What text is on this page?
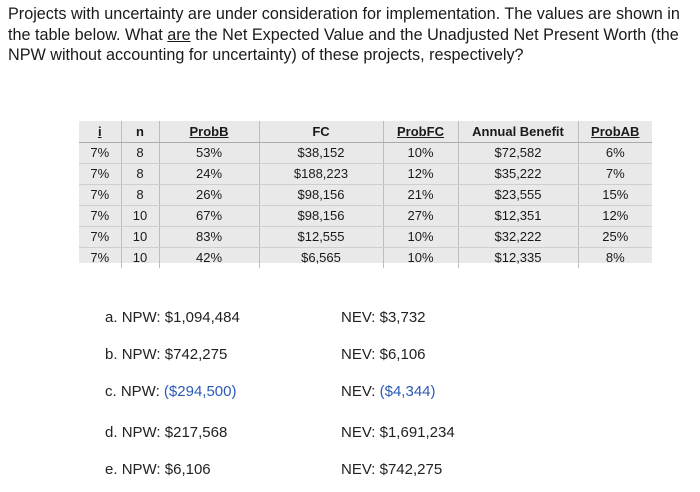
Projects with uncertainty are under consideration for implementation. The values are shown in the table below. What are the Net Expected Value and the Unadjusted Net Present Worth (the NPW without accounting for uncertainty) of these projects, respectively?

i	n	ProbB	FC	ProbFC	Annual Benefit	ProbAB
7%	8	53%	$38,152	10%	$72,582	6%
7%	8	24%	$188,223	12%	$35,222	7%
7%	8	26%	$98,156	21%	$23,555	15%
7%	10	67%	$98,156	27%	$12,351	12%
7%	10	83%	$12,555	10%	$32,222	25%
7%	10	42%	$6,565	10%	$12,335	8%
a. NPW: $1,094,484	NEV: $3,732
b. NPW: $742,275	NEV: $6,106
c. NPW: ($294,500)	NEV: ($4,344)
d. NPW: $217,568	NEV: $1,691,234
e. NPW: $6,106	NEV: $742,275
